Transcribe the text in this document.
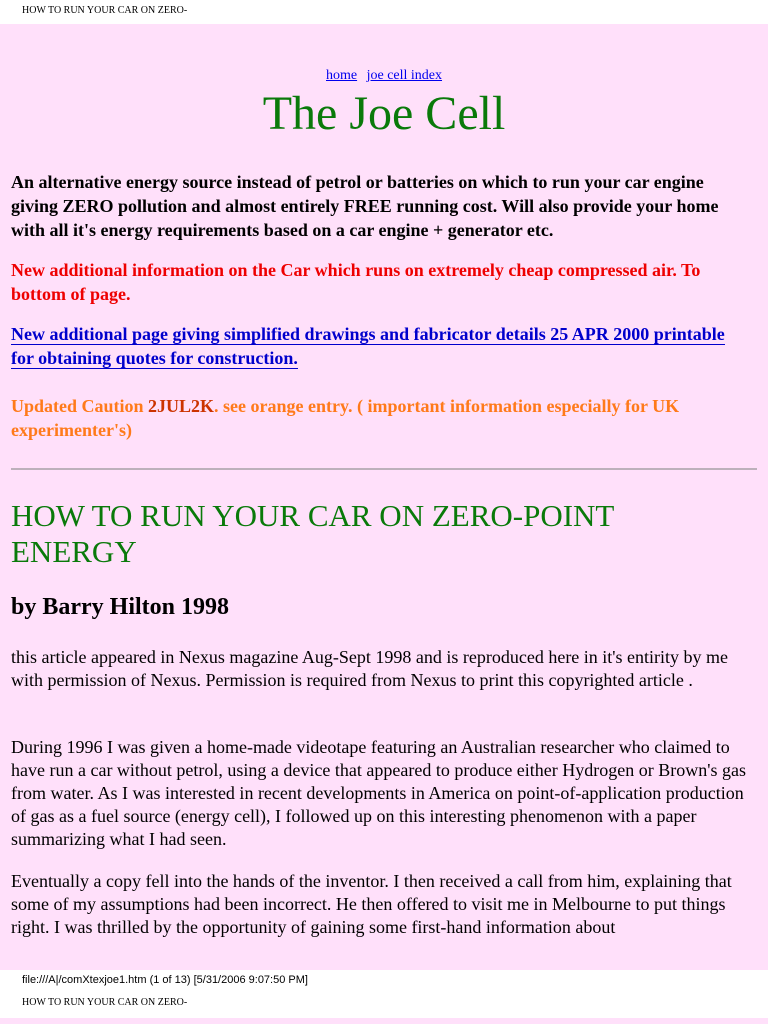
HOW TO RUN YOUR CAR ON ZERO-
home joe cell index
The Joe Cell
An alternative energy source instead of petrol or batteries on which to run your car engine giving ZERO pollution and almost entirely FREE running cost. Will also provide your home with all it's energy requirements based on a car engine + generator etc.
New additional information on the Car which runs on extremely cheap compressed air. To bottom of page.
New additional page giving simplified drawings and fabricator details 25 APR 2000 printable for obtaining quotes for construction.
Updated Caution 2JUL2K. see orange entry. ( important information especially for UK experimenter's)
HOW TO RUN YOUR CAR ON ZERO-POINT ENERGY
by Barry Hilton 1998

this article appeared in Nexus magazine Aug-Sept 1998 and is reproduced here in it's entirity by me with permission of Nexus. Permission is required from Nexus to print this copyrighted article .

During 1996 I was given a home-made videotape featuring an Australian researcher who claimed to have run a car without petrol, using a device that appeared to produce either Hydrogen or Brown's gas from water. As I was interested in recent developments in America on point-of-application production of gas as a fuel source (energy cell), I followed up on this interesting phenomenon with a paper summarizing what I had seen.

Eventually a copy fell into the hands of the inventor. I then received a call from him, explaining that some of my assumptions had been incorrect. He then offered to visit me in Melbourne to put things right. I was thrilled by the opportunity of gaining some first-hand information about

file:///A|/comXtexjoe1.htm (1 of 13) [5/31/2006 9:07:50 PM]
HOW TO RUN YOUR CAR ON ZERO-
